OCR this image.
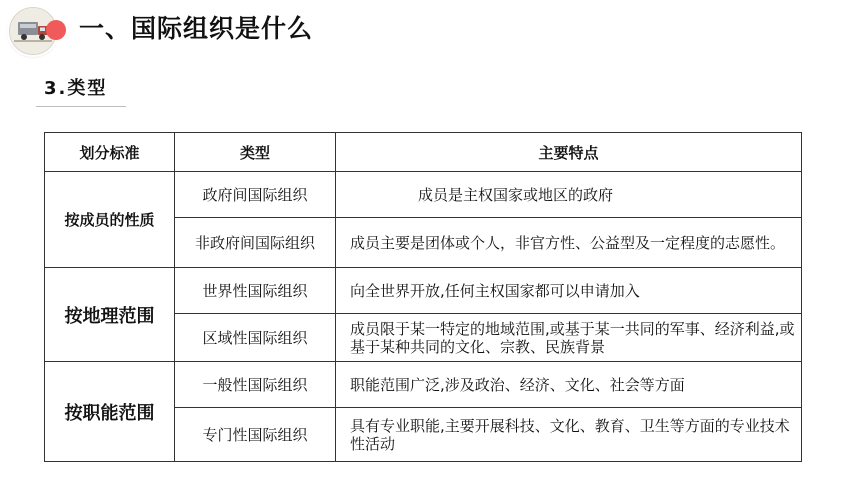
一、国际组织是什么
3.类型
划分标准	类型	主要特点
按成员的性质	政府间国际组织	成员是主权国家或地区的政府
	非政府间国际组织	成员主要是团体或个人，非官方性、公益型及一定程度的志愿性。
按地理范围	世界性国际组织	向全世界开放,任何主权国家都可以申请加入
	区域性国际组织	成员限于某一特定的地域范围,或基于某一共同的军事、经济利益,或基于某种共同的文化、宗教、民族背景
按职能范围	一般性国际组织	职能范围广泛,涉及政治、经济、文化、社会等方面
	专门性国际组织	具有专业职能,主要开展科技、文化、教育、卫生等方面的专业技术性活动
